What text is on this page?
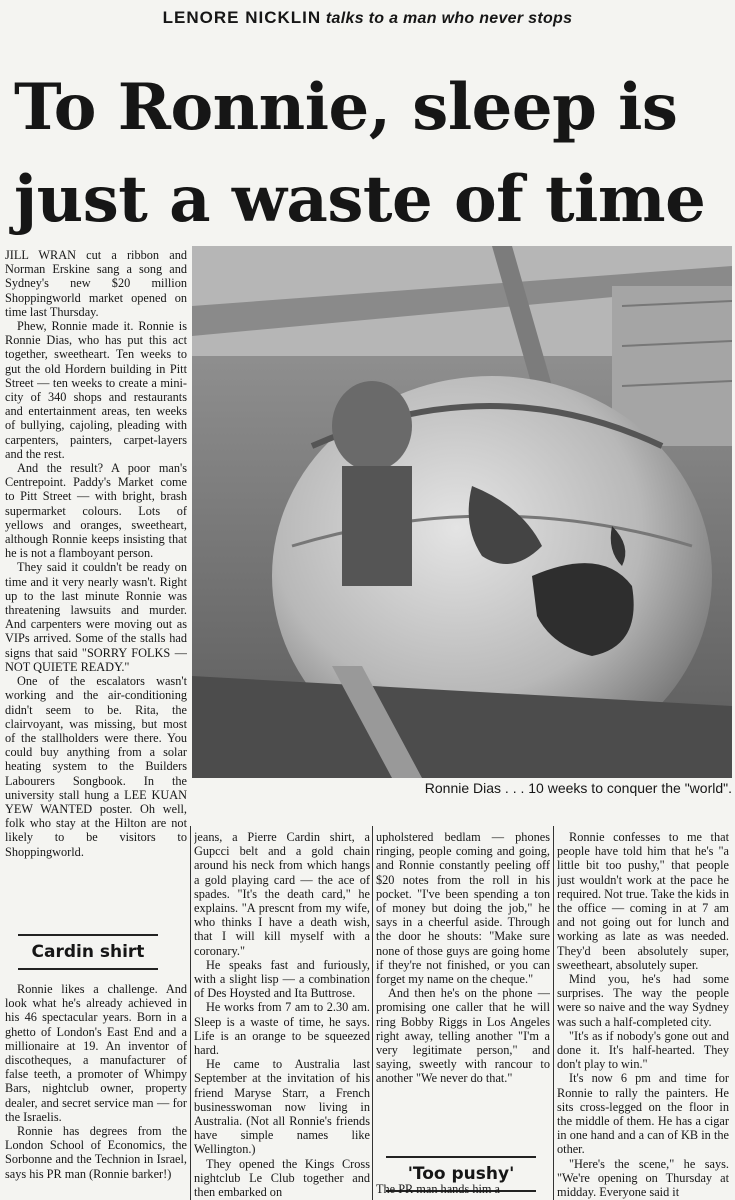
LENORE NICKLIN talks to a man who never stops
To Ronnie, sleep is
just a waste of time

JILL WRAN cut a ribbon and Norman Erskine sang a song and Sydney's new $20 million Shoppingworld market opened on time last Thursday.

Phew, Ronnie made it. Ronnie is Ronnie Dias, who has put this act together, sweetheart. Ten weeks to gut the old Hordern building in Pitt Street — ten weeks to create a mini-city of 340 shops and restaurants and entertainment areas, ten weeks of bullying, cajoling, pleading with carpenters, painters, carpet-layers and the rest.

And the result? A poor man's Centrepoint. Paddy's Market come to Pitt Street — with bright, brash supermarket colours. Lots of yellows and oranges, sweetheart, although Ronnie keeps insisting that he is not a flamboyant person.

They said it couldn't be ready on time and it very nearly wasn't. Right up to the last minute Ronnie was threatening lawsuits and murder. And carpenters were moving out as VIPs arrived. Some of the stalls had signs that said "SORRY FOLKS — NOT QUIETE READY."

One of the escalators wasn't working and the air-conditioning didn't seem to be. Rita, the clairvoyant, was missing, but most of the stallholders were there. You could buy anything from a solar heating system to the Builders Labourers Songbook. In the university stall hung a LEE KUAN YEW WANTED poster. Oh well, folk who stay at the Hilton are not likely to be visitors to Shoppingworld.

Ronnie Dias . . . 10 weeks to conquer the "world".
Cardin shirt

Ronnie likes a challenge. And look what he's already achieved in his 46 spectacular years. Born in a ghetto of London's East End and a millionaire at 19. An inventor of discotheques, a manufacturer of false teeth, a promoter of Whimpy Bars, nightclub owner, property dealer, and secret service man — for the Israelis.

Ronnie has degrees from the London School of Economics, the Sorbonne and the Technion in Israel, says his PR man (Ronnie barker!)

jeans, a Pierre Cardin shirt, a Gupcci belt and a gold chain around his neck from which hangs a gold playing card — the ace of spades. "It's the death card," he explains. "A prescnt from my wife, who thinks I have a death wish, that I will kill myself with a coronary."

He speaks fast and furiously, with a slight lisp — a combination of Des Hoysted and Ita Buttrose.

He works from 7 am to 2.30 am. Sleep is a waste of time, he says. Life is an orange to be squeezed hard.

He came to Australia last September at the invitation of his friend Maryse Starr, a French businesswoman now living in Australia. (Not all Ronnie's friends have simple names like Wellington.)

They opened the Kings Cross nightclub Le Club together and then embarked on

upholstered bedlam — phones ringing, people coming and going, and Ronnie constantly peeling off $20 notes from the roll in his pocket. "I've been spending a ton of money but doing the job," he says in a cheerful aside. Through the door he shouts: "Make sure none of those guys are going home if they're not finished, or you can forget my name on the cheque."

And then he's on the phone — promising one caller that he will ring Bobby Riggs in Los Angeles right away, telling another "I'm a very legitimate person," and saying, sweetly with rancour to another "We never do that."

'Too pushy'

The PR man hands him a

Ronnie confesses to me that people have told him that he's "a little bit too pushy," that people just wouldn't work at the pace he required. Not true. Take the kids in the office — coming in at 7 am and not going out for lunch and working as late as was needed. They'd been absolutely super, sweetheart, absolutely super.

Mind you, he's had some surprises. The way the people were so naive and the way Sydney was such a half-completed city.

"It's as if nobody's gone out and done it. It's half-hearted. They don't play to win."

It's now 6 pm and time for Ronnie to rally the painters. He sits cross-legged on the floor in the middle of them. He has a cigar in one hand and a can of KB in the other.

"Here's the scene," he says. "We're opening on Thursday at midday. Everyone said it
